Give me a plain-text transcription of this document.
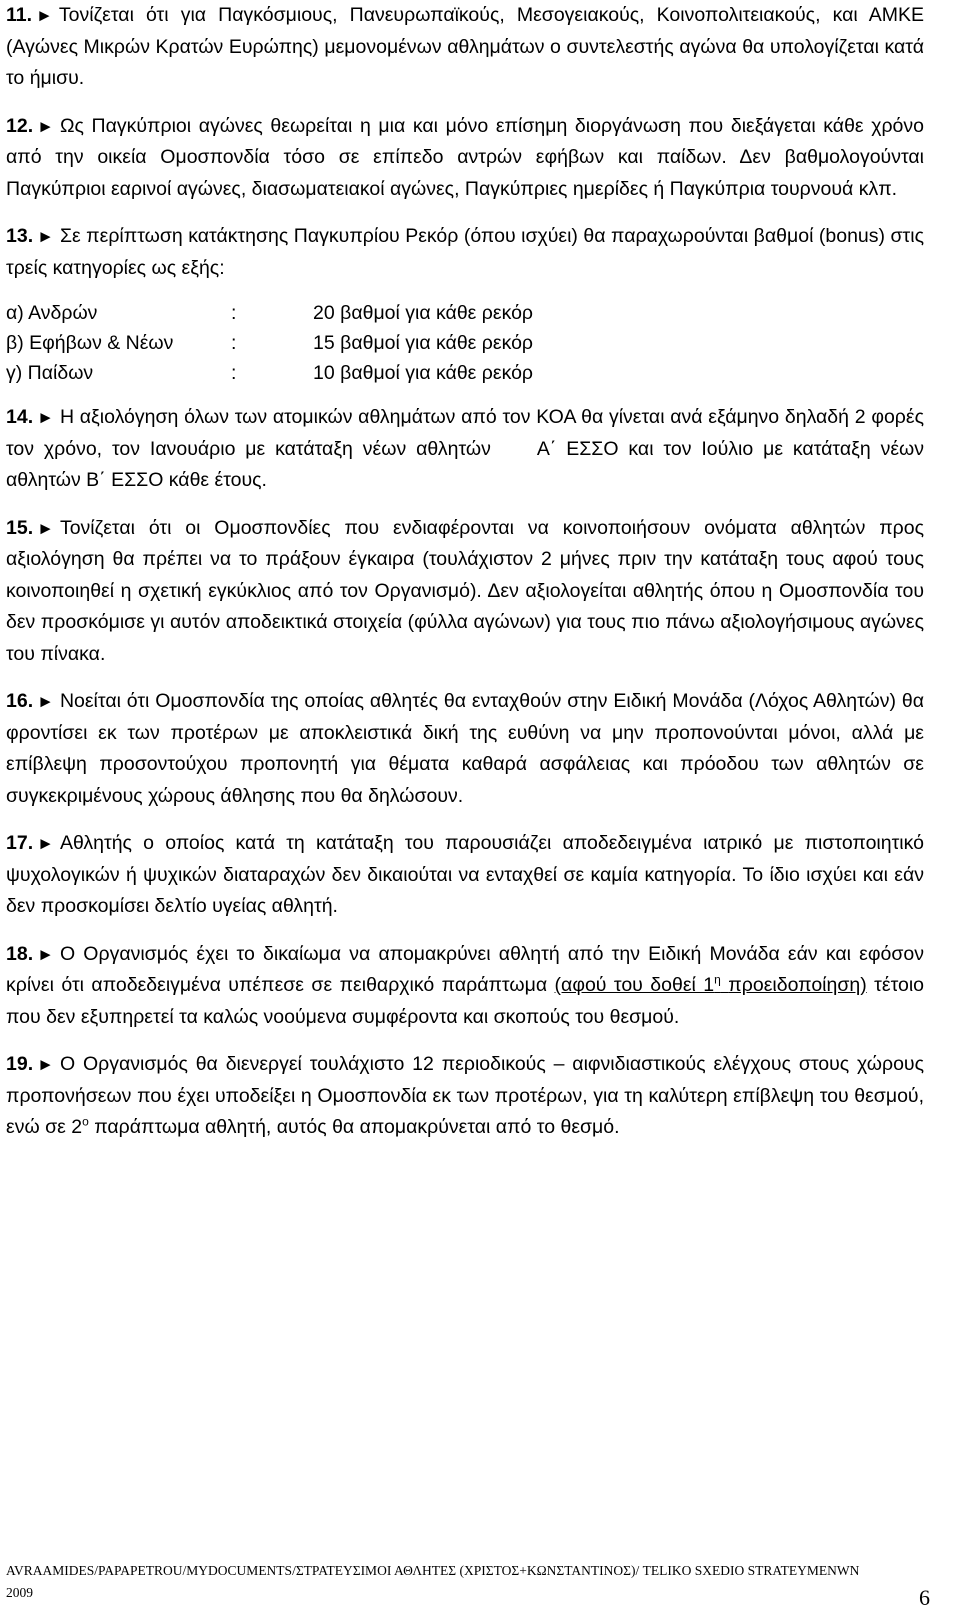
11. ► Τονίζεται ότι για Παγκόσμιους, Πανευρωπαϊκούς, Μεσογειακούς, Κοινοπολιτειακούς, και ΑΜΚΕ (Αγώνες Μικρών Κρατών Ευρώπης) μεμονομένων αθλημάτων ο συντελεστής αγώνα θα υπολογίζεται κατά το ήμισυ.

12. ► Ως Παγκύπριοι αγώνες θεωρείται η μια και μόνο επίσημη διοργάνωση που διεξάγεται κάθε χρόνο από την οικεία Ομοσπονδία τόσο σε επίπεδο αντρών εφήβων και παίδων. Δεν βαθμολογούνται Παγκύπριοι εαρινοί αγώνες, διασωματειακοί αγώνες, Παγκύπριες ημερίδες ή Παγκύπρια τουρνουά κλπ.

13. ► Σε περίπτωση κατάκτησης Παγκυπρίου Ρεκόρ (όπου ισχύει) θα παραχωρούνται βαθμοί (bonus) στις τρείς κατηγορίες ως εξής:

α) Ανδρών	:	20 βαθμοί για κάθε ρεκόρ
β) Εφήβων & Νέων	:	15 βαθμοί για κάθε ρεκόρ
γ) Παίδων	:	10 βαθμοί για κάθε ρεκόρ

14. ► Η αξιολόγηση όλων των ατομικών αθλημάτων από τον ΚΟΑ θα γίνεται ανά εξάμηνο δηλαδή 2 φορές τον χρόνο, τον Ιανουάριο με κατάταξη νέων αθλητών Α΄ ΕΣΣΟ και τον Ιούλιο με κατάταξη νέων αθλητών Β΄ ΕΣΣΟ κάθε έτους.

15. ► Τονίζεται ότι οι Ομοσπονδίες που ενδιαφέρονται να κοινοποιήσουν ονόματα αθλητών προς αξιολόγηση θα πρέπει να το πράξουν έγκαιρα (τουλάχιστον 2 μήνες πριν την κατάταξη τους αφού τους κοινοποιηθεί η σχετική εγκύκλιος από τον Οργανισμό). Δεν αξιολογείται αθλητής όπου η Ομοσπονδία του δεν προσκόμισε γι αυτόν αποδεικτικά στοιχεία (φύλλα αγώνων) για τους πιο πάνω αξιολογήσιμους αγώνες του πίνακα.

16. ► Νοείται ότι Ομοσπονδία της οποίας αθλητές θα ενταχθούν στην Ειδική Μονάδα (Λόχος Αθλητών) θα φροντίσει εκ των προτέρων με αποκλειστικά δική της ευθύνη να μην προπονούνται μόνοι, αλλά με επίβλεψη προσοντούχου προπονητή για θέματα καθαρά ασφάλειας και πρόοδου των αθλητών σε συγκεκριμένους χώρους άθλησης που θα δηλώσουν.

17. ► Αθλητής ο οποίος κατά τη κατάταξη του παρουσιάζει αποδεδειγμένα ιατρικό με πιστοποιητικό ψυχολογικών ή ψυχικών διαταραχών δεν δικαιούται να ενταχθεί σε καμία κατηγορία. Το ίδιο ισχύει και εάν δεν προσκομίσει δελτίο υγείας αθλητή.

18. ► Ο Οργανισμός έχει το δικαίωμα να απομακρύνει αθλητή από την Ειδική Μονάδα εάν και εφόσον κρίνει ότι αποδεδειγμένα υπέπεσε σε πειθαρχικό παράπτωμα (αφού του δοθεί $1^\eta$ προειδοποίηση) τέτοιο που δεν εξυπηρετεί τα καλώς νοούμενα συμφέροντα και σκοπούς του θεσμού.

19. ► Ο Οργανισμός θα διενεργεί τουλάχιστο 12 περιοδικούς – αιφνιδιαστικούς ελέγχους στους χώρους προπονήσεων που έχει υποδείξει η Ομοσπονδία εκ των προτέρων, για τη καλύτερη επίβλεψη του θεσμού, ενώ σε $2^o$ παράπτωμα αθλητή, αυτός θα απομακρύνεται από το θεσμό.

AVRAAMIDES/PAPAPETROU/MYDOCUMENTS/ΣΤΡΑΤΕΥΣΙΜΟΙ ΑΘΛΗΤΕΣ (ΧΡΙΣΤΟΣ+ΚΩΝΣΤΑΝΤΙΝΟΣ)/ TELIKO SXEDIO STRATEYMENWN 2009	6
